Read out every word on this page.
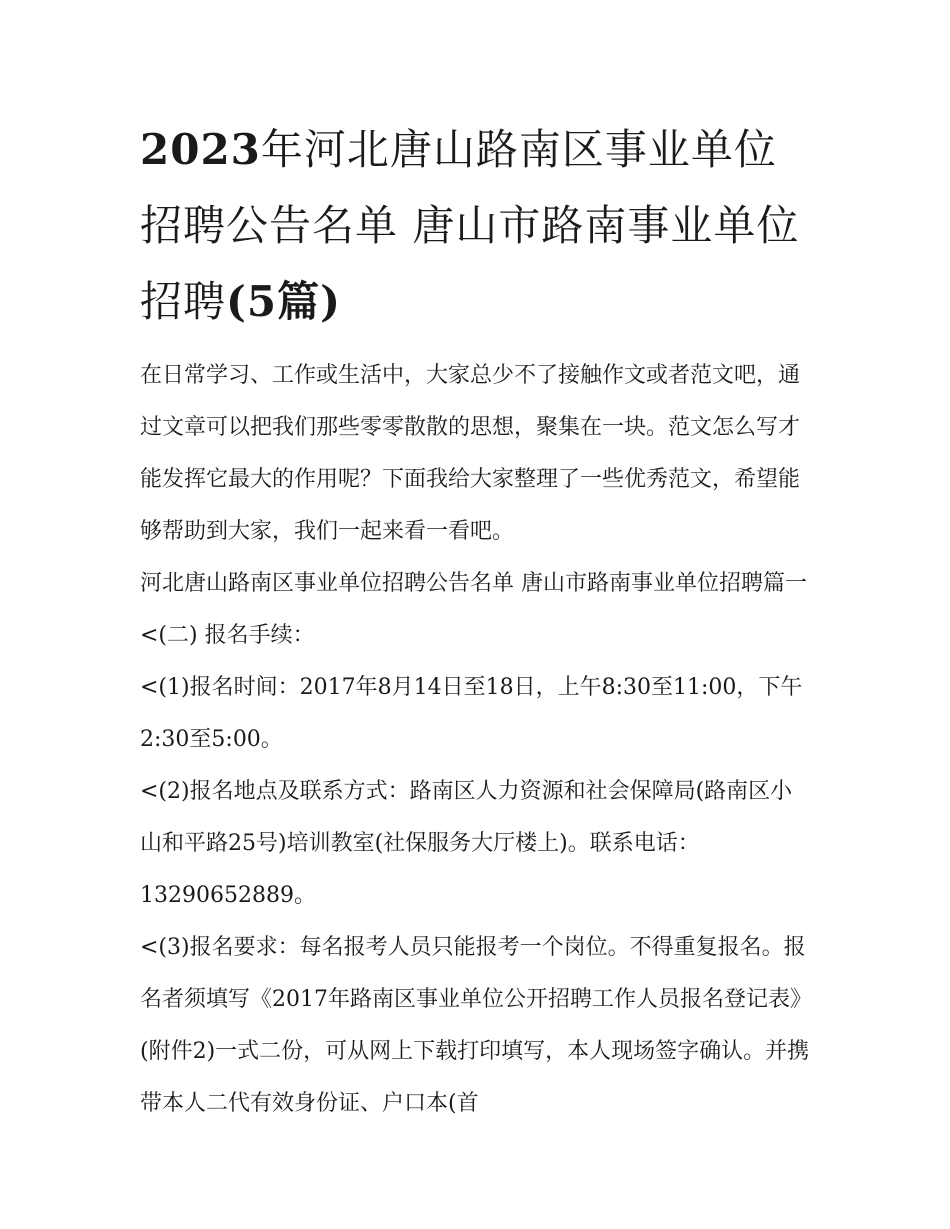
2023年河北唐山路南区事业单位招聘公告名单 唐山市路南事业单位招聘(5篇)

在日常学习、工作或生活中，大家总少不了接触作文或者范文吧，通过文章可以把我们那些零零散散的思想，聚集在一块。范文怎么写才能发挥它最大的作用呢？下面我给大家整理了一些优秀范文，希望能够帮助到大家，我们一起来看一看吧。

河北唐山路南区事业单位招聘公告名单 唐山市路南事业单位招聘篇一 <(二) 报名手续：

<(1)报名时间：2017年8月14日至18日，上午8:30至11:00，下午2:30至5:00。

<(2)报名地点及联系方式：路南区人力资源和社会保障局(路南区小山和平路25号)培训教室(社保服务大厅楼上)。联系电话：13290652889。

<(3)报名要求：每名报考人员只能报考一个岗位。不得重复报名。报名者须填写《2017年路南区事业单位公开招聘工作人员报名登记表》(附件2)一式二份，可从网上下载打印填写，本人现场签字确认。并携带本人二代有效身份证、户口本(首
